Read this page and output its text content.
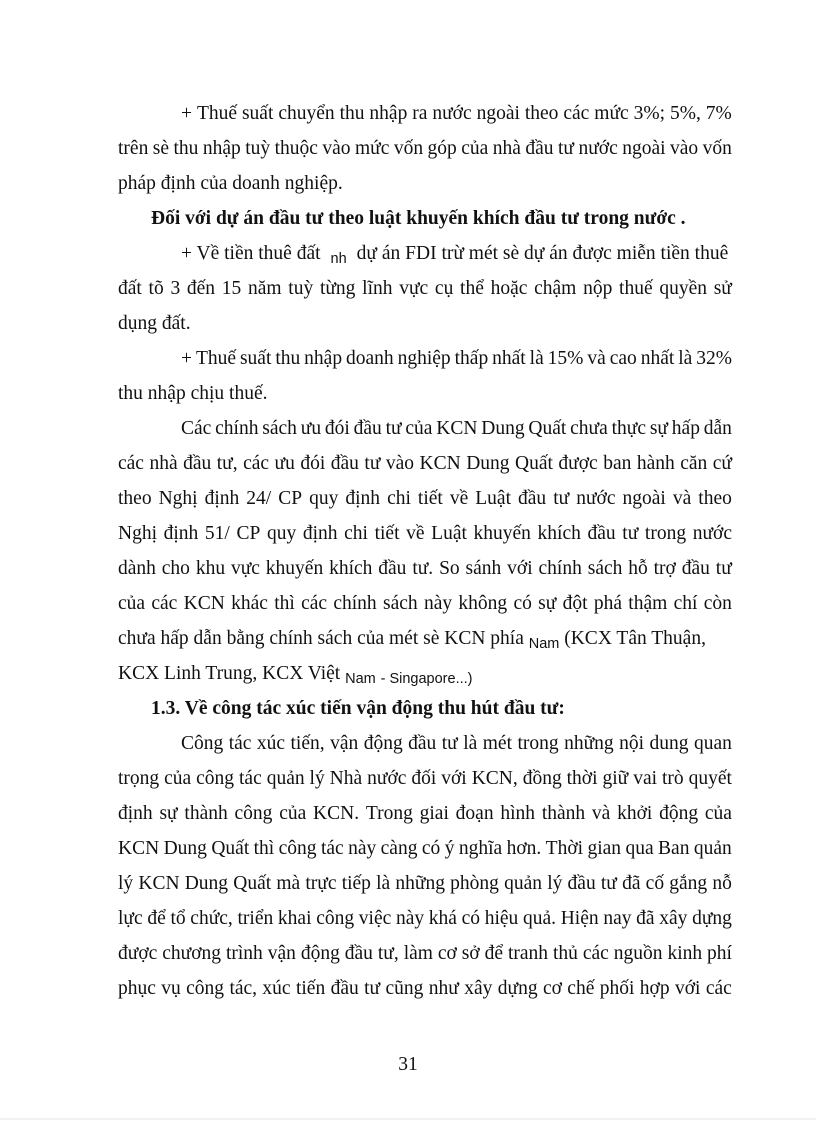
+ Thuế suất chuyển thu nhập ra nước ngoài theo các mức 3%; 5%, 7%
trên sè thu nhập tuỳ thuộc vào mức vốn góp của nhà đầu tư nước ngoài vào vốn
pháp định của doanh nghiệp.
Đối với dự án đầu tư theo luật khuyến khích đầu tư trong nước .
+ Về tiền thuê đất $_{nh}$ dự án FDI trừ mét sè dự án được miễn tiền thuê
đất tõ 3 đến 15 năm tuỳ từng lĩnh vực cụ thể hoặc chậm nộp thuế quyền sử
dụng đất.
+ Thuế suất thu nhập doanh nghiệp thấp nhất là 15% và cao nhất là 32%
thu nhập chịu thuế.
Các chính sách ưu đói đầu tư của KCN Dung Quất chưa thực sự hấp dẫn
các nhà đầu tư, các ưu đói đầu tư vào KCN Dung Quất được ban hành căn cứ
theo Nghị định 24/ CP quy định chi tiết về Luật đầu tư nước ngoài và theo
Nghị định 51/ CP quy định chi tiết về Luật khuyến khích đầu tư trong nước
dành cho khu vực khuyến khích đầu tư. So sánh với chính sách hỗ trợ đầu tư
của các KCN khác thì các chính sách này không có sự đột phá thậm chí còn
chưa hấp dẫn bằng chính sách của mét sè KCN phía $_{Nam}$ (KCX Tân Thuận,
KCX Linh Trung, KCX Việt $_{Nam}$ $_{- Singapore...)}$
1.3. Về công tác xúc tiến vận động thu hút đầu tư:
Công tác xúc tiến, vận động đầu tư là mét trong những nội dung quan
trọng của công tác quản lý Nhà nước đối với KCN, đồng thời giữ vai trò quyết
định sự thành công của KCN. Trong giai đoạn hình thành và khởi động của
KCN Dung Quất thì công tác này càng có ý nghĩa hơn. Thời gian qua Ban quản
lý KCN Dung Quất mà trực tiếp là những phòng quản lý đầu tư đã cố gắng nỗ
lực để tổ chức, triển khai công việc này khá có hiệu quả. Hiện nay đã xây dựng
được chương trình vận động đầu tư, làm cơ sở để tranh thủ các nguồn kinh phí
phục vụ công tác, xúc tiến đầu tư cũng như xây dựng cơ chế phối hợp với các
31
